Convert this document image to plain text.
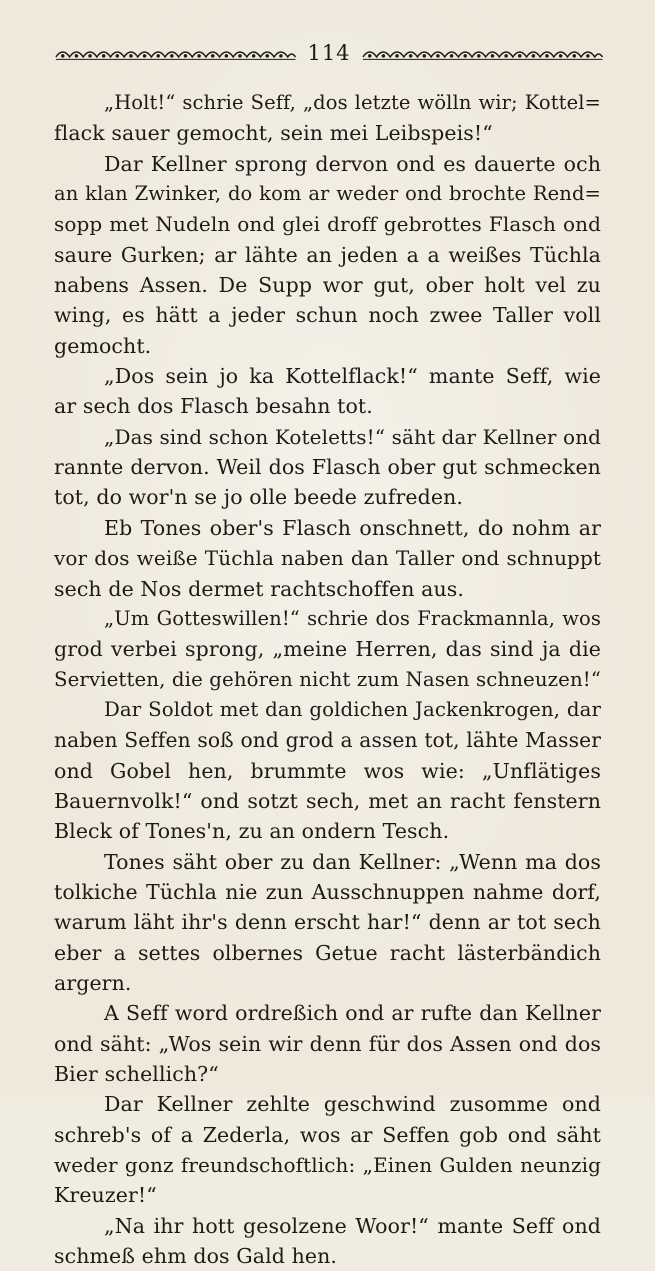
114
„Holt!“ schrie Seff, „dos letzte wölln wir; Kottel=
flack sauer gemocht, sein mei Leibspeis!“
Dar Kellner sprong dervon ond es dauerte och
an klan Zwinker, do kom ar weder ond brochte Rend=
sopp met Nudeln ond glei droff gebrottes Flasch ond
saure Gurken; ar lähte an jeden a a weißes Tüchla
nabens Assen. De Supp wor gut, ober holt vel zu
wing, es hätt a jeder schun noch zwee Taller voll
gemocht.
„Dos sein jo ka Kottelflack!“ mante Seff, wie
ar sech dos Flasch besahn tot.
„Das sind schon Koteletts!“ säht dar Kellner ond
rannte dervon. Weil dos Flasch ober gut schmecken
tot, do wor'n se jo olle beede zufreden.
Eb Tones ober's Flasch onschnett, do nohm ar
vor dos weiße Tüchla naben dan Taller ond schnuppt
sech de Nos dermet rachtschoffen aus.
„Um Gotteswillen!“ schrie dos Frackmannla, wos
grod verbei sprong, „meine Herren, das sind ja die
Servietten, die gehören nicht zum Nasen schneuzen!“
Dar Soldot met dan goldichen Jackenkrogen, dar
naben Seffen soß ond grod a assen tot, lähte Masser
ond Gobel hen, brummte wos wie: „Unflätiges
Bauernvolk!“ ond sotzt sech, met an racht fenstern
Bleck of Tones'n, zu an ondern Tesch.
Tones säht ober zu dan Kellner: „Wenn ma dos
tolkiche Tüchla nie zun Ausschnuppen nahme dorf,
warum läht ihr's denn erscht har!“ denn ar tot sech
eber a settes olbernes Getue racht lästerbändich
argern.
A Seff word ordreßich ond ar rufte dan Kellner
ond säht: „Wos sein wir denn für dos Assen ond dos
Bier schellich?“
Dar Kellner zehlte geschwind zusomme ond
schreb's of a Zederla, wos ar Seffen gob ond säht
weder gonz freundschoftlich: „Einen Gulden neunzig
Kreuzer!“
„Na ihr hott gesolzene Woor!“ mante Seff ond
schmeß ehm dos Gald hen.
